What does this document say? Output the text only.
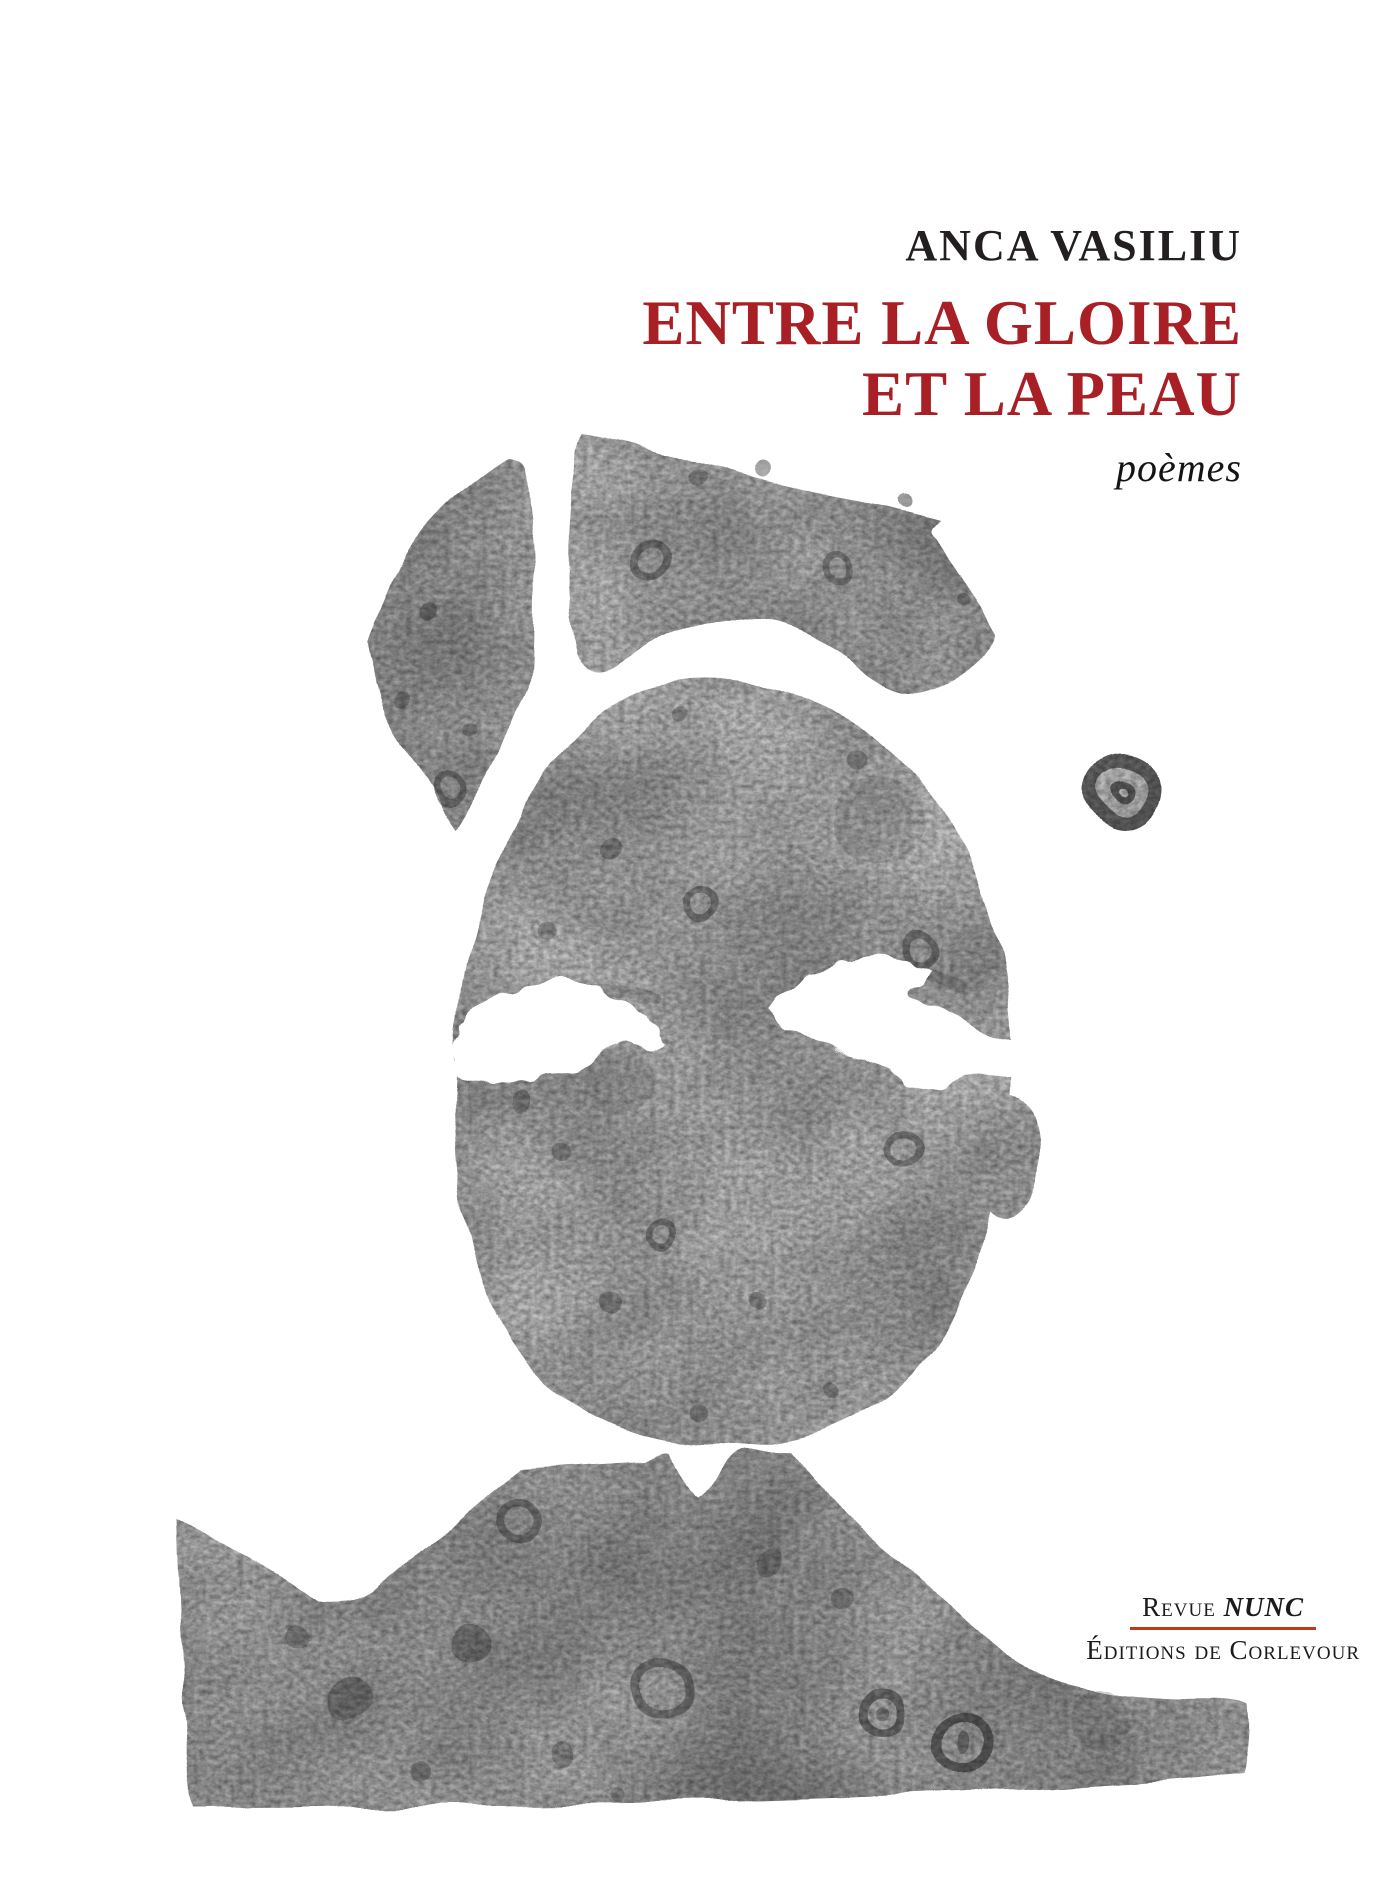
ANCA VASILIU
ENTRE LA GLOIRE
ET LA PEAU
poèmes
Revue NUNC
Éditions de Corlevour
